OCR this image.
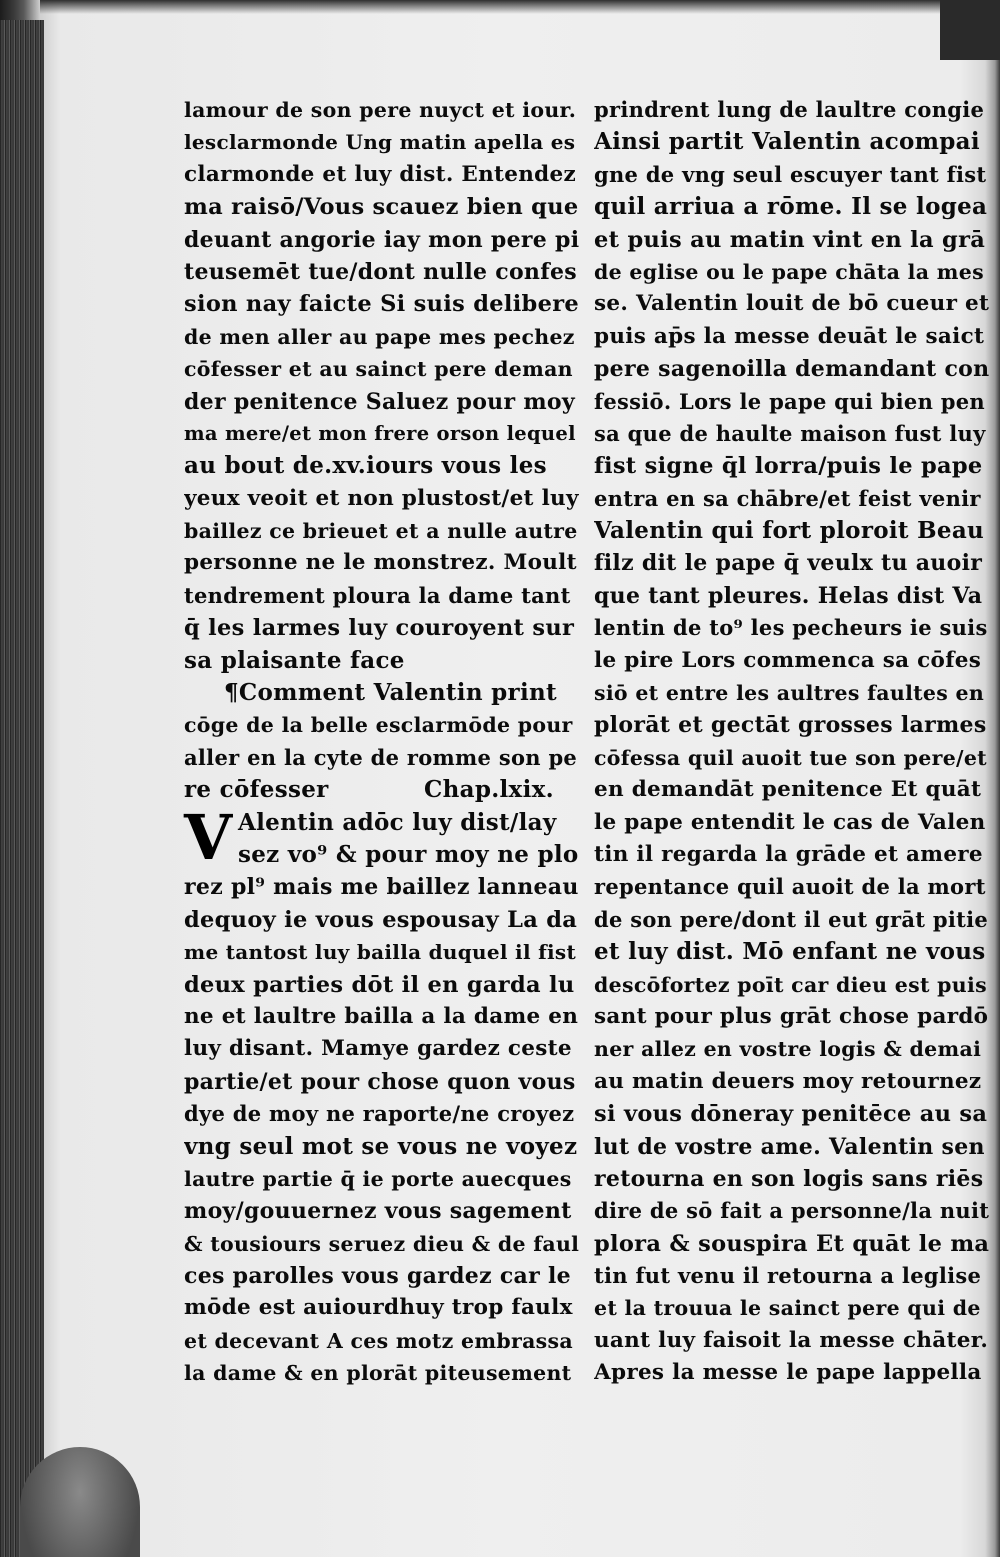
lamour de son pere nuyct et iour.
lesclarmonde Ung matin apella es
clarmonde et luy dist. Entendez
ma raisō/Vous scauez bien que
deuant angorie iay mon pere pi
teusemēt tue/dont nulle confes
sion nay faicte Si suis delibere
de men aller au pape mes pechez
cōfesser et au sainct pere deman
der penitence Saluez pour moy
ma mere/et mon frere orson lequel
au bout de.xv.iours vous les
yeux veoit et non plustost/et luy
baillez ce brieuet et a nulle autre
personne ne le monstrez. Moult
tendrement ploura la dame tant
q̄ les larmes luy couroyent sur
sa plaisante face
¶Comment Valentin print
cōge de la belle esclarmōde pour
aller en la cyte de romme son pe
re cōfesser	Chap.lxix.
V Alentin adōc luy dist/lay
sez vo⁹ & pour moy ne plo
rez pl⁹ mais me baillez lanneau
dequoy ie vous espousay La da
me tantost luy bailla duquel il fist
deux parties dōt il en garda lu
ne et laultre bailla a la dame en
luy disant. Mamye gardez ceste
partie/et pour chose quon vous
dye de moy ne raporte/ne croyez
vng seul mot se vous ne voyez
lautre partie q̄ ie porte auecques
moy/gouuernez vous sagement
& tousiours seruez dieu & de faul
ces parolles vous gardez car le
mōde est auiourdhuy trop faulx
et decevant A ces motz embrassa
la dame & en plorāt piteusement
prindrent lung de laultre congie
Ainsi partit Valentin acompai
gne de vng seul escuyer tant fist
quil arriua a rōme. Il se logea
et puis au matin vint en la grā
de eglise ou le pape chāta la mes
se. Valentin louit de bō cueur et
puis ap̄s la messe deuāt le saict
pere sagenoilla demandant con
fessiō. Lors le pape qui bien pen
sa que de haulte maison fust luy
fist signe q̄l lorra/puis le pape
entra en sa chābre/et feist venir
Valentin qui fort ploroit Beau
filz dit le pape q̄ veulx tu auoir
que tant pleures. Helas dist Va
lentin de to⁹ les pecheurs ie suis
le pire Lors commenca sa cōfes
siō et entre les aultres faultes en
plorāt et gectāt grosses larmes
cōfessa quil auoit tue son pere/et
en demandāt penitence Et quāt
le pape entendit le cas de Valen
tin il regarda la grāde et amere
repentance quil auoit de la mort
de son pere/dont il eut grāt pitie
et luy dist. Mō enfant ne vous
descōfortez poīt car dieu est puis
sant pour plus grāt chose pardō
ner allez en vostre logis & demai
au matin deuers moy retournez
si vous dōneray penitēce au sa
lut de vostre ame. Valentin sen
retourna en son logis sans riēs
dire de sō fait a personne/la nuit
plora & souspira Et quāt le ma
tin fut venu il retourna a leglise
et la trouua le sainct pere qui de
uant luy faisoit la messe chāter.
Apres la messe le pape lappella
